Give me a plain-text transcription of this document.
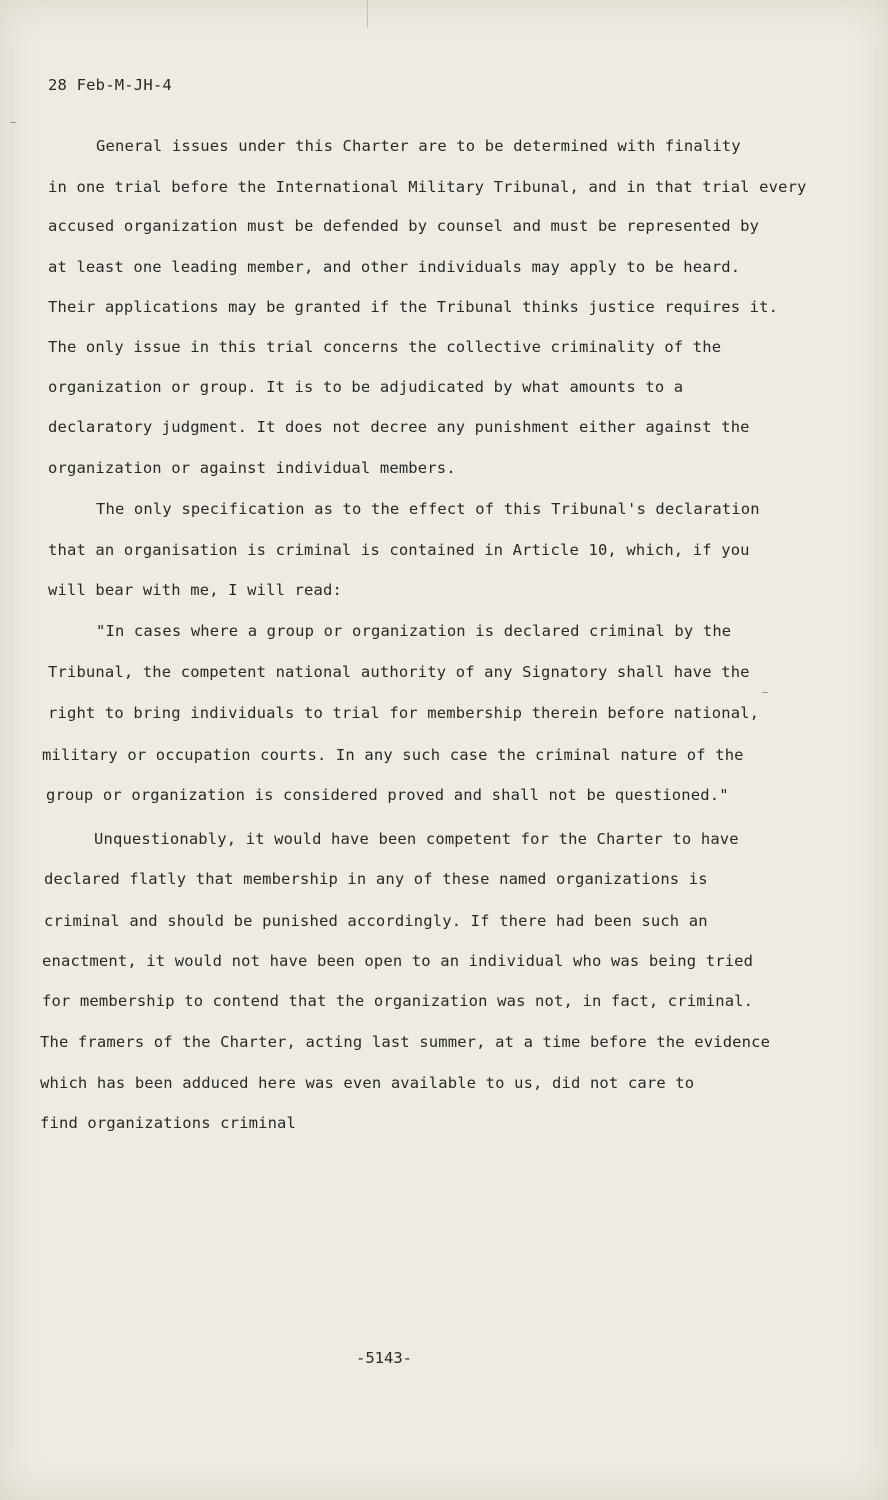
28 Feb-M-JH-4
General issues under this Charter are to be determined with finality
in one trial before the International Military Tribunal, and in that trial every
accused organization must be defended by counsel and must be represented by
at least one leading member, and other individuals may apply to be heard.
Their applications may be granted if the Tribunal thinks justice requires it.
The only issue in this trial concerns the collective criminality of the
organization or group. It is to be adjudicated by what amounts to a
declaratory judgment. It does not decree any punishment either against the
organization or against individual members.
The only specification as to the effect of this Tribunal's declaration
that an organisation is criminal is contained in Article 10, which, if you
will bear with me, I will read:
"In cases where a group or organization is declared criminal by the
Tribunal, the competent national authority of any Signatory shall have the
right to bring individuals to trial for membership therein before national,
military or occupation courts. In any such case the criminal nature of the
group or organization is considered proved and shall not be questioned."
Unquestionably, it would have been competent for the Charter to have
declared flatly that membership in any of these named organizations is
criminal and should be punished accordingly. If there had been such an
enactment, it would not have been open to an individual who was being tried
for membership to contend that the organization was not, in fact, criminal.
The framers of the Charter, acting last summer, at a time before the evidence
which has been adduced here was even available to us, did not care to
find organizations criminal
-5143-
